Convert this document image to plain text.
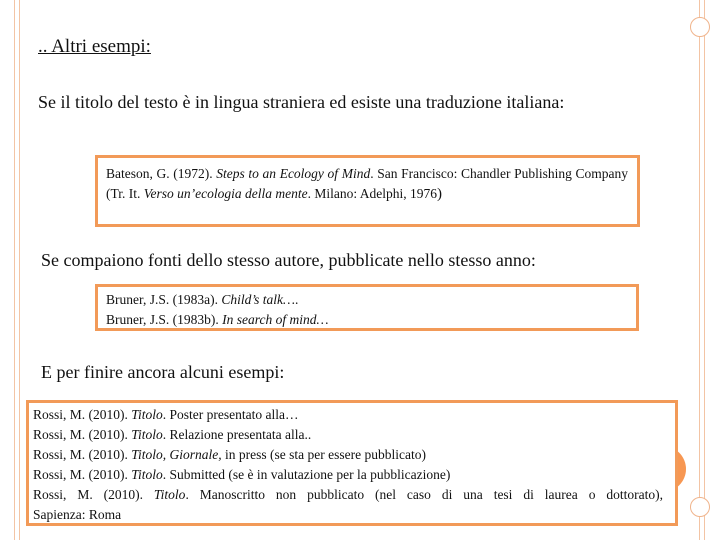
.. Altri esempi:

Se il titolo del testo è in lingua straniera ed esiste una traduzione italiana:

Bateson, G. (1972). Steps to an Ecology of Mind. San Francisco: Chandler Publishing Company (Tr. It. Verso un’ecologia della mente. Milano: Adelphi, 1976)

Se compaiono fonti dello stesso autore, pubblicate nello stesso anno:

Bruner, J.S. (1983a). Child’s talk….

Bruner, J.S. (1983b). In search of mind…

E per finire ancora alcuni esempi:

Rossi, M. (2010). Titolo. Poster presentato alla…

Rossi, M. (2010). Titolo. Relazione presentata alla..

Rossi, M. (2010). Titolo, Giornale, in press (se sta per essere pubblicato)

Rossi, M. (2010). Titolo. Submitted (se è in valutazione per la pubblicazione)

Rossi, M. (2010). Titolo. Manoscritto non pubblicato (nel caso di una tesi di laurea o dottorato),

Sapienza: Roma
